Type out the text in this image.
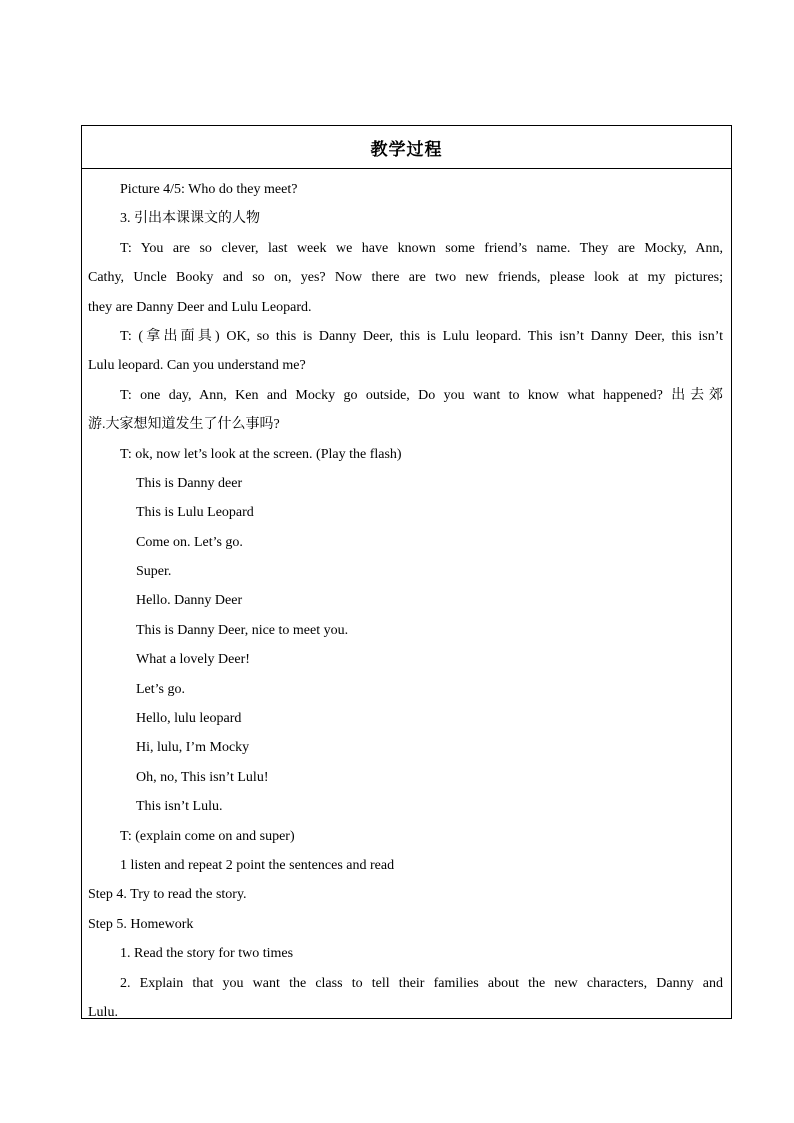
教学过程
Picture 4/5: Who do they meet?
3. 引出本课课文的人物
T: You are so clever, last week we have known some friend’s name. They are Mocky, Ann,
Cathy, Uncle Booky and so on, yes? Now there are two new friends, please look at my pictures;
they are Danny Deer and Lulu Leopard.
T: (拿出面具) OK, so this is Danny Deer, this is Lulu leopard. This isn’t Danny Deer, this isn’t
Lulu leopard. Can you understand me?
T: one day, Ann, Ken and Mocky go outside, Do you want to know what happened? 出去郊
游.大家想知道发生了什么事吗?
T: ok, now let’s look at the screen. (Play the flash)
This is Danny deer
This is Lulu Leopard
Come on. Let’s go.
Super.
Hello. Danny Deer
This is Danny Deer, nice to meet you.
What a lovely Deer!
Let’s go.
Hello, lulu leopard
Hi, lulu, I’m Mocky
Oh, no, This isn’t Lulu!
This isn’t Lulu.
T: (explain come on and super)
1 listen and repeat 2 point the sentences and read
Step 4. Try to read the story.
Step 5. Homework
1. Read the story for two times
2. Explain that you want the class to tell their families about the new characters, Danny and
Lulu.
